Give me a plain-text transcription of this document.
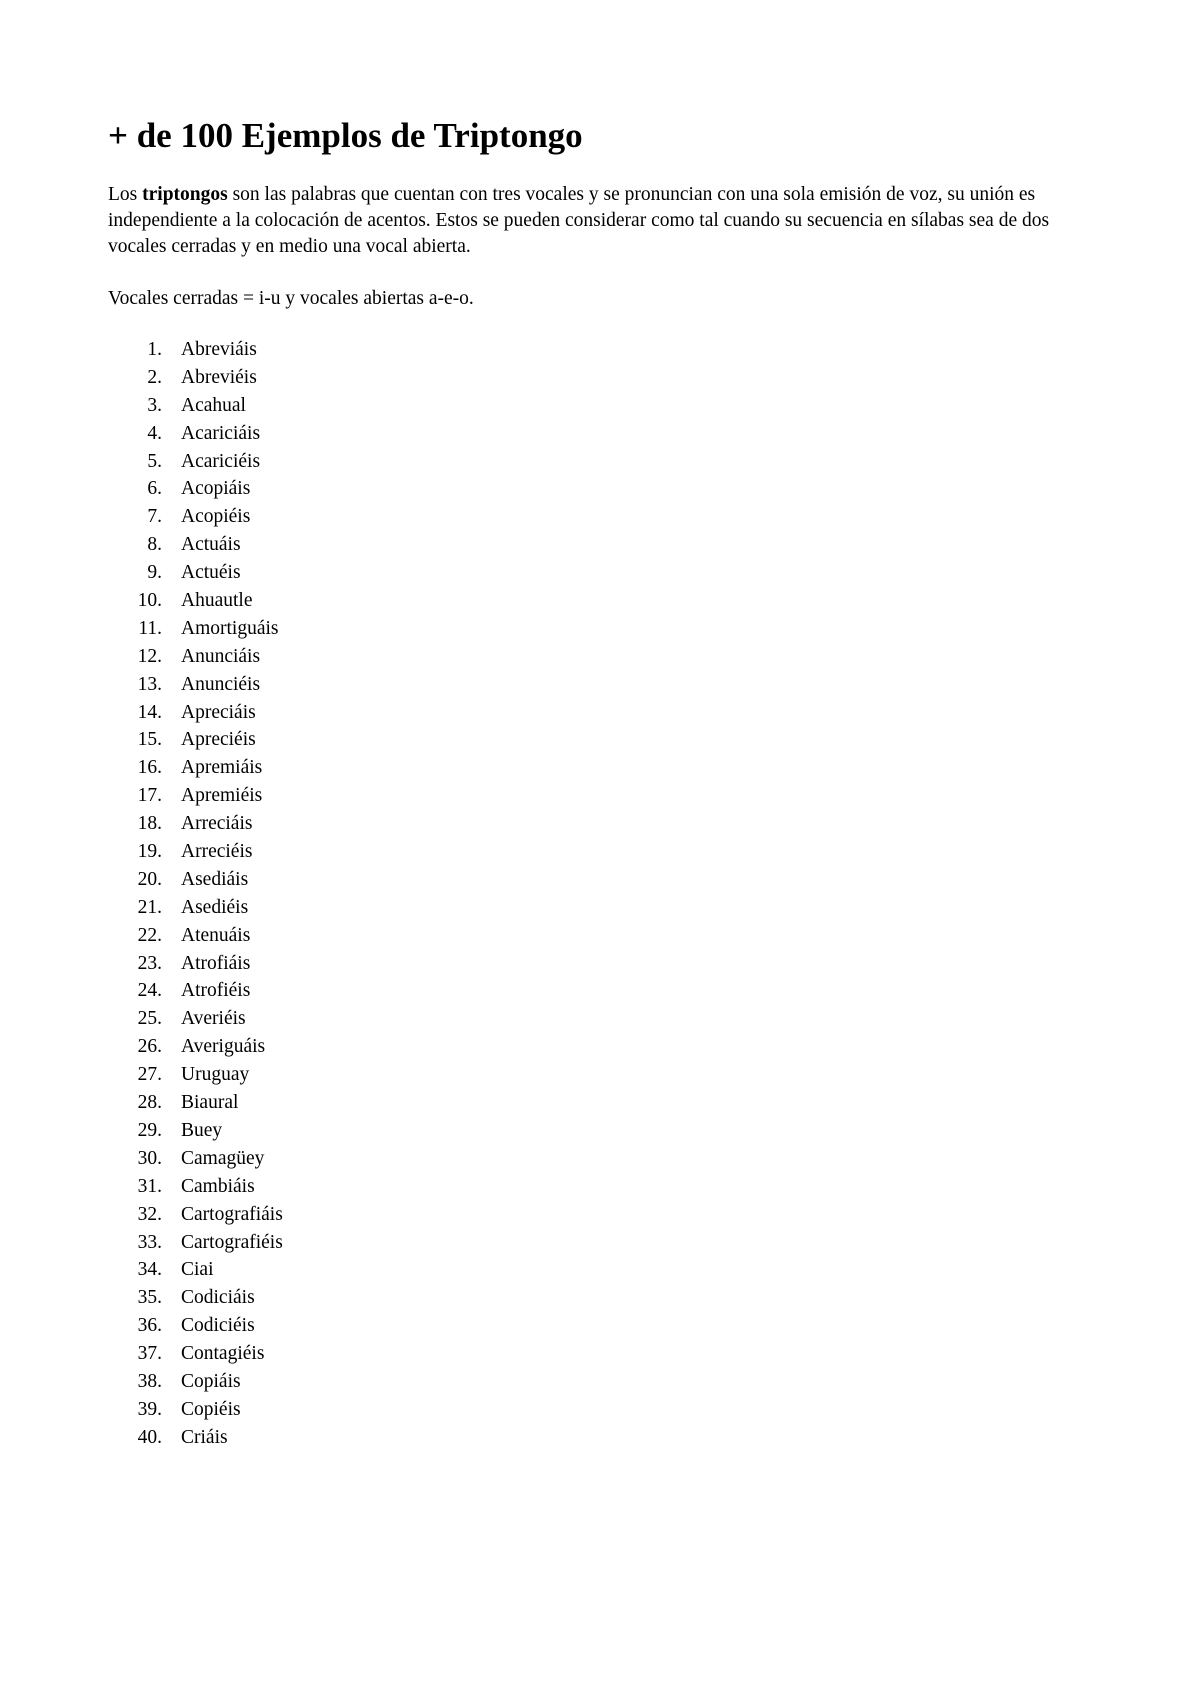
+ de 100 Ejemplos de Triptongo

Los triptongos son las palabras que cuentan con tres vocales y se pronuncian con una sola emisión de voz, su unión es independiente a la colocación de acentos. Estos se pueden considerar como tal cuando su secuencia en sílabas sea de dos vocales cerradas y en medio una vocal abierta.

Vocales cerradas = i-u y vocales abiertas a-e-o.

1. Abreviáis
2. Abreviéis
3. Acahual
4. Acariciáis
5. Acariciéis
6. Acopiáis
7. Acopiéis
8. Actuáis
9. Actuéis
10. Ahuautle
11. Amortiguáis
12. Anunciáis
13. Anunciéis
14. Apreciáis
15. Apreciéis
16. Apremiáis
17. Apremiéis
18. Arreciáis
19. Arreciéis
20. Asediáis
21. Asediéis
22. Atenuáis
23. Atrofiáis
24. Atrofiéis
25. Averiéis
26. Averiguáis
27. Uruguay
28. Biaural
29. Buey
30. Camagüey
31. Cambiáis
32. Cartografiáis
33. Cartografiéis
34. Ciai
35. Codiciáis
36. Codiciéis
37. Contagiéis
38. Copiáis
39. Copiéis
40. Criáis
